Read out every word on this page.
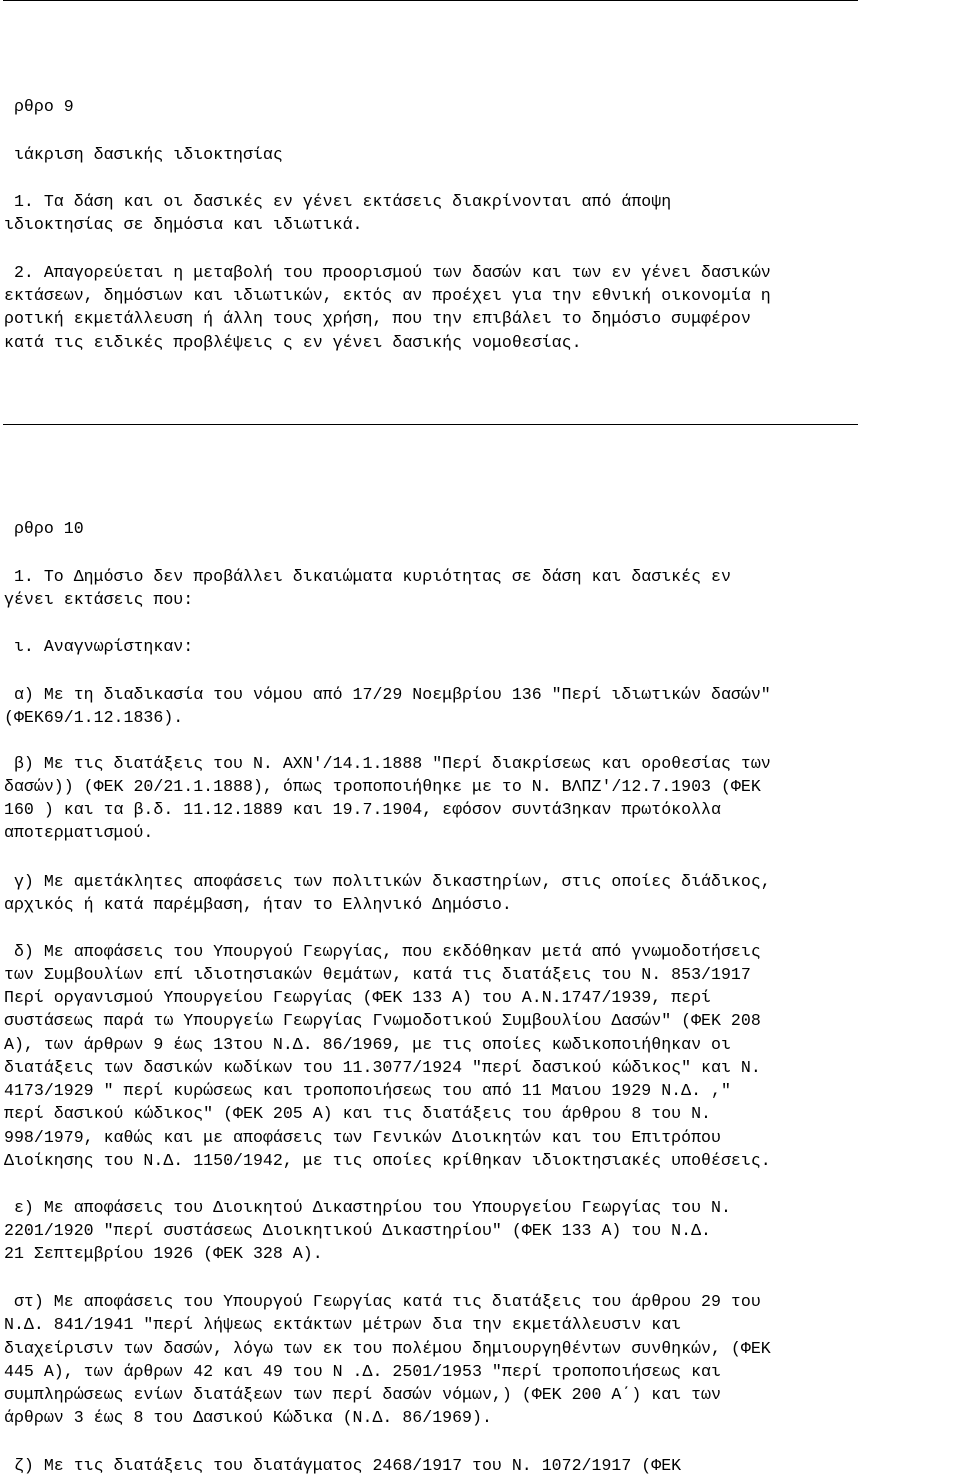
ρθρο 9
ιάκριση δασικής ιδιοκτησίας
1. Τα δάση και οι δασικές εν γένει εκτάσεις διακρίνονται από άποψη
ιδιοκτησίας σε δημόσια και ιδιωτικά.
2. Απαγορεύεται η μεταβολή του προορισμού των δασών και των εν γένει δασικών
εκτάσεων, δημόσιων και ιδιωτικών, εκτός αν προέχει για την εθνική οικονομία η
ροτική εκμετάλλευση ή άλλη τους χρήση, που την επιβάλει το δημόσιο συμφέρον
κατά τις ειδικές προβλέψεις ς εν γένει δασικής νομοθεσίας.
ρθρο 10
1. Το Δημόσιο δεν προβάλλει δικαιώματα κυριότητας σε δάση και δασικές εν
γένει εκτάσεις που:
ι. Αναγνωρίστηκαν:
α) Με τη διαδικασία του νόμου από 17/29 Νοεμβρίου 136 "Περί ιδιωτικών δασών"
(ΦΕΚ69/1.12.1836).
β) Με τις διατάξεις του Ν. ΑΧΝ'/14.1.1888 "Περί διακρίσεως και οροθεσίας των
δασών)) (ΦΕΚ 20/21.1.1888), όπως τροποποιήθηκε με το Ν. ΒΛΠΖ'/12.7.1903 (ΦΕΚ
160 ) και τα β.δ. 11.12.1889 και 19.7.1904, εφόσον συντά3ηκαν πρωτόκολλα
αποτερματισμού.
γ) Με αμετάκλητες αποφάσεις των πολιτικών δικαστηρίων, στις οποίες διάδικος,
αρχικός ή κατά παρέμβαση, ήταν το Ελληνικό Δημόσιο.
δ) Με αποφάσεις του Υπουργού Γεωργίας, που εκδόθηκαν μετά από γνωμοδοτήσεις
των Συμβουλίων επί ιδιοτησιακών θεμάτων, κατά τις διατάξεις του Ν. 853/1917
Περί οργανισμού Υπουργείου Γεωργίας (ΦΕΚ 133 Α) του Α.Ν.1747/1939, περί
συστάσεως παρά τω Υπουργείω Γεωργίας Γνωμοδοτικού Συμβουλίου Δασών" (ΦΕΚ 208
Α), των άρθρων 9 έως 13του Ν.Δ. 86/1969, με τις οποίες κωδικοποιήθηκαν οι
διατάξεις των δασικών κωδίκων του 11.3077/1924 "περί δασικού κώδικος" και Ν.
4173/1929 " περί κυρώσεως και τροποποιήσεως του από 11 Μαιου 1929 Ν.Δ. ,"
περί δασικού κώδικος" (ΦΕΚ 205 Α) και τις διατάξεις του άρθρου 8 του Ν.
998/1979, καθώς και με αποφάσεις των Γενικών Διοικητών και του Επιτρόπου
Διοίκησης του Ν.Δ. 1150/1942, με τις οποίες κρίθηκαν ιδιοκτησιακές υποθέσεις.
ε) Με αποφάσεις του Διοικητού Δικαστηρίου του Υπουργείου Γεωργίας του Ν.
2201/1920 "περί συστάσεως Διοικητικού Δικαστηρίου" (ΦΕΚ 133 Α) του Ν.Δ.
21 Σεπτεμβρίου 1926 (ΦΕΚ 328 Α).
στ) Με αποφάσεις του Υπουργού Γεωργίας κατά τις διατάξεις του άρθρου 29 του
Ν.Δ. 841/1941 "περί λήψεως εκτάκτων μέτρων δια την εκμετάλλευσιν και
διαχείρισιν των δασών, λόγω των εκ του πολέμου δημιουργηθέντων συνθηκών, (ΦΕΚ
445 Α), των άρθρων 42 και 49 του Ν .Δ. 2501/1953 "περί τροποποιήσεως και
συμπληρώσεως ενίων διατάξεων των περί δασών νόμων,) (ΦΕΚ 200 Α΄) και των
άρθρων 3 έως 8 του Δασικού Κώδικα (Ν.Δ. 86/1969).
ζ) Με τις διατάξεις του διατάγματος 2468/1917 του Ν. 1072/1917 (ΦΕΚ
